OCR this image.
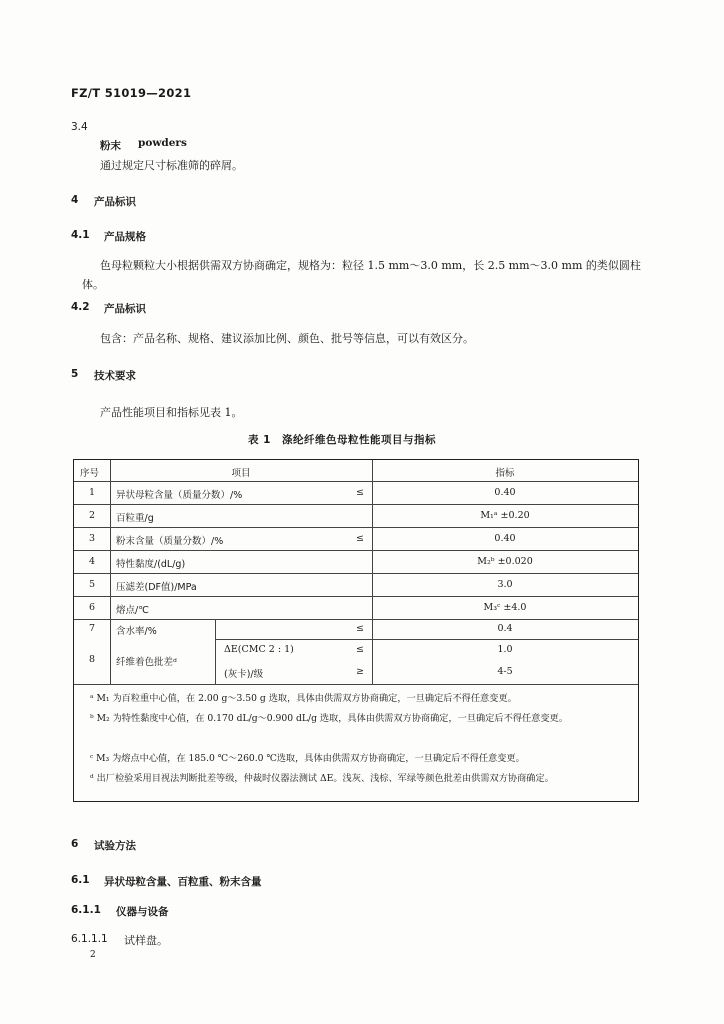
FZ/T 51019—2021
3.4
粉末 powders
通过规定尺寸标准筛的碎屑。
4 产品标识
4.1 产品规格
色母粒颗粒大小根据供需双方协商确定，规格为：粒径 1.5 mm～3.0 mm，长 2.5 mm～3.0 mm 的类似圆柱体。
4.2 产品标识
包含：产品名称、规格、建议添加比例、颜色、批号等信息，可以有效区分。
5 技术要求
产品性能项目和指标见表 1。
表 1　涤纶纤维色母粒性能项目与指标
序号	项目	指标
1	异状母粒含量（质量分数）/%	≤	0.40
2	百粒重/g	M₁ᵃ ±0.20
3	粉末含量（质量分数）/%	≤	0.40
4	特性黏度/(dL/g)	M₂ᵇ ±0.020
5	压滤差(DF值)/MPa	3.0
6	熔点/℃	M₃ᶜ ±4.0
7	含水率/%	≤	0.4
8	纤维着色批差ᵈ
ΔE(CMC 2 : 1)	≤	1.0
(灰卡)/级	≥	4-5
ᵃ M₁ 为百粒重中心值，在 2.00 g～3.50 g 选取，具体由供需双方协商确定，一旦确定后不得任意变更。
ᵇ M₂ 为特性黏度中心值，在 0.170 dL/g～0.900 dL/g 选取，具体由供需双方协商确定，一旦确定后不得任意变更。
ᶜ M₃ 为熔点中心值，在 185.0 ℃～260.0 ℃选取，具体由供需双方协商确定，一旦确定后不得任意变更。
ᵈ 出厂检验采用目视法判断批差等级，仲裁时仪器法测试 ΔE。浅灰、浅棕、军绿等颜色批差由供需双方协商确定。
6 试验方法
6.1 异状母粒含量、百粒重、粉末含量
6.1.1 仪器与设备
6.1.1.1 试样盘。
2
